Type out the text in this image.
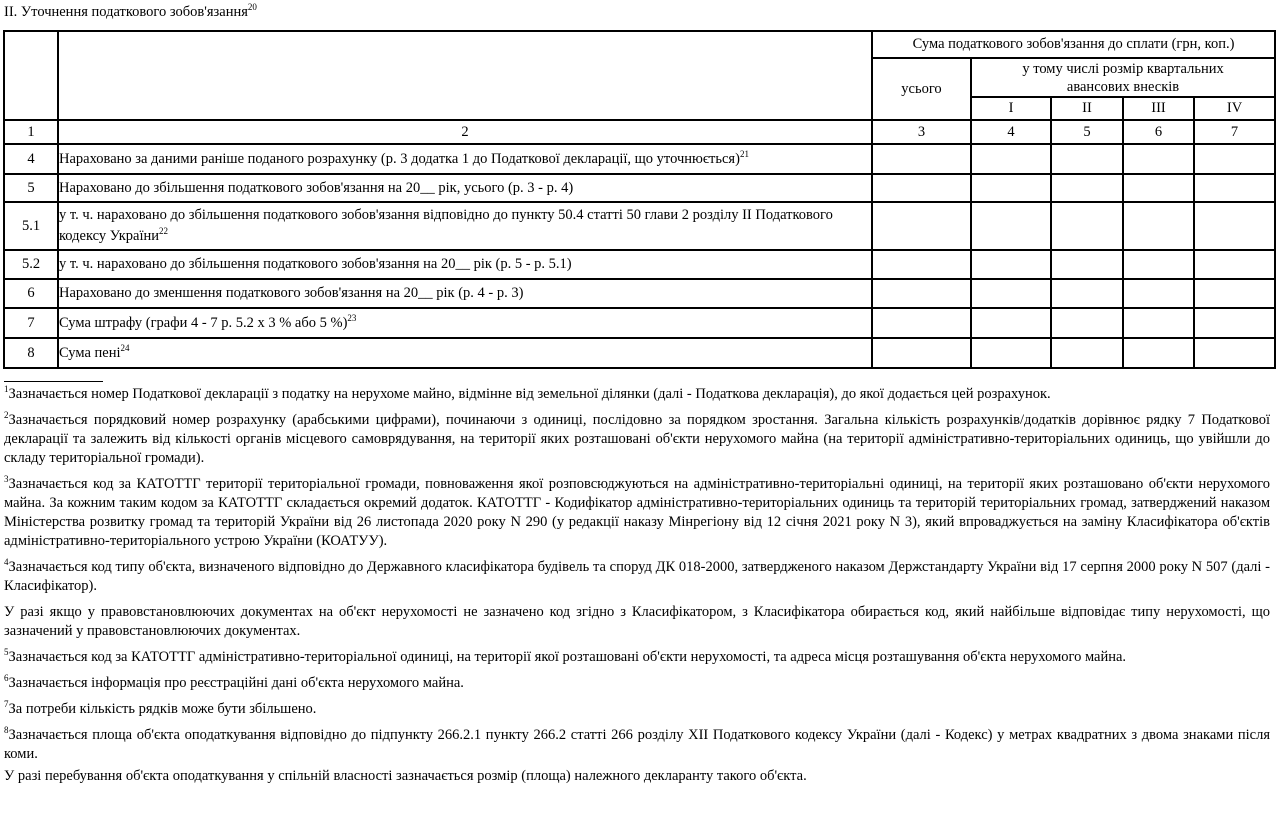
II. Уточнення податкового зобов'язання$^{20}$
		Сума податкового зобов'язання до сплати (грн, коп.)				
		усього	у тому числі розмір квартальних авансових внесків			
			I	II	III	IV
1	2	3	4	5	6	7
4	Нараховано за даними раніше поданого розрахунку (р. 3 додатка 1 до Податкової декларації, що уточнюється)$^{21}$					
5	Нараховано до збільшення податкового зобов'язання на 20__ рік, усього (р. 3 - р. 4)					
5.1	у т. ч. нараховано до збільшення податкового зобов'язання відповідно до пункту 50.4 статті 50 глави 2 розділу II Податкового кодексу України$^{22}$					
5.2	у т. ч. нараховано до збільшення податкового зобов'язання на 20__ рік (р. 5 - р. 5.1)					
6	Нараховано до зменшення податкового зобов'язання на 20__ рік (р. 4 - р. 3)					
7	Сума штрафу (графи 4 - 7 р. 5.2 x 3 % або 5 %)$^{23}$					
8	Сума пені$^{24}$					

$^1$Зазначається номер Податкової декларації з податку на нерухоме майно, відмінне від земельної ділянки (далі - Податкова декларація), до якої додається цей розрахунок.

$^2$Зазначається порядковий номер розрахунку (арабськими цифрами), починаючи з одиниці, послідовно за порядком зростання. Загальна кількість розрахунків/додатків дорівнює рядку 7 Податкової декларації та залежить від кількості органів місцевого самоврядування, на території яких розташовані об'єкти нерухомого майна (на території адміністративно-територіальних одиниць, що увійшли до складу територіальної громади).

$^3$Зазначається код за КАТОТТГ території територіальної громади, повноваження якої розповсюджуються на адміністративно-територіальні одиниці, на території яких розташовано об'єкти нерухомого майна. За кожним таким кодом за КАТОТТГ складається окремий додаток. КАТОТТГ - Кодифікатор адміністративно-територіальних одиниць та територій територіальних громад, затверджений наказом Міністерства розвитку громад та територій України від 26 листопада 2020 року N 290 (у редакції наказу Мінрегіону від 12 січня 2021 року N 3), який впроваджується на заміну Класифікатора об'єктів адміністративно-територіального устрою України (КОАТУУ).

$^4$Зазначається код типу об'єкта, визначеного відповідно до Державного класифікатора будівель та споруд ДК 018-2000, затвердженого наказом Держстандарту України від 17 серпня 2000 року N 507 (далі - Класифікатор).

У разі якщо у правовстановлюючих документах на об'єкт нерухомості не зазначено код згідно з Класифікатором, з Класифікатора обирається код, який найбільше відповідає типу нерухомості, що зазначений у правовстановлюючих документах.

$^5$Зазначається код за КАТОТТГ адміністративно-територіальної одиниці, на території якої розташовані об'єкти нерухомості, та адреса місця розташування об'єкта нерухомого майна.

$^6$Зазначається інформація про реєстраційні дані об'єкта нерухомого майна.

$^7$За потреби кількість рядків може бути збільшено.

$^8$Зазначається площа об'єкта оподаткування відповідно до підпункту 266.2.1 пункту 266.2 статті 266 розділу XII Податкового кодексу України (далі - Кодекс) у метрах квадратних з двома знаками після коми.

У разі перебування об'єкта оподаткування у спільній власності зазначається розмір (площа) належного декларанту такого об'єкта.
